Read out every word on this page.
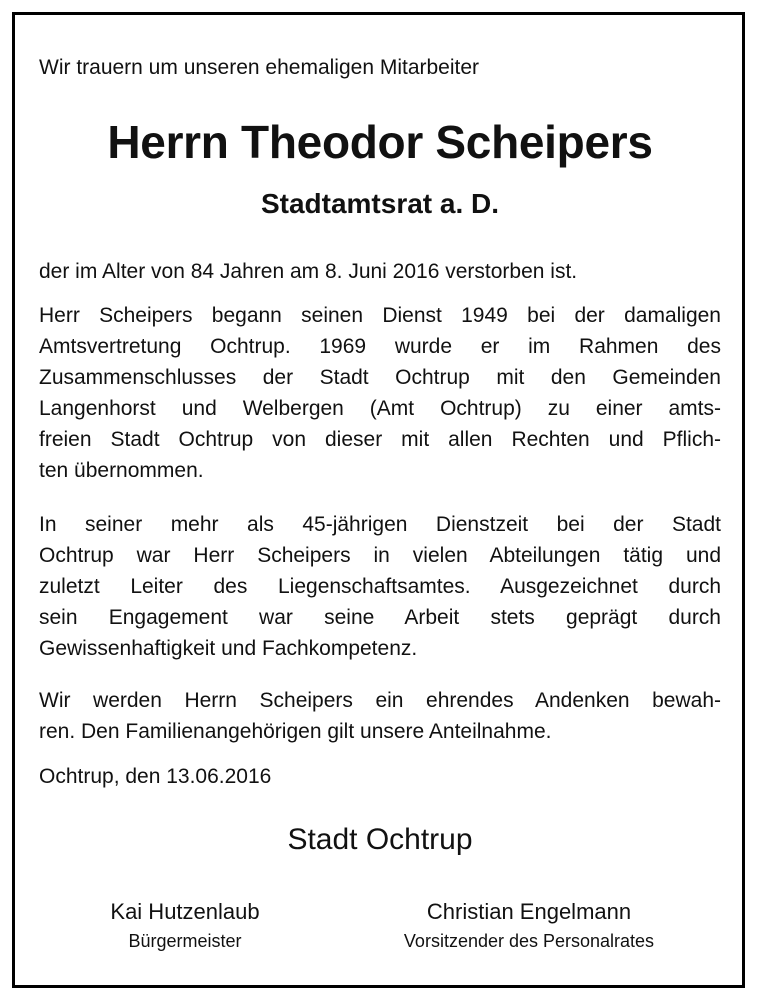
Wir trauern um unseren ehemaligen Mitarbeiter
Herrn Theodor Scheipers
Stadtamtsrat a. D.
der im Alter von 84 Jahren am 8. Juni 2016 verstorben ist.
Herr Scheipers begann seinen Dienst 1949 bei der damaligen
Amtsvertretung Ochtrup. 1969 wurde er im Rahmen des
Zusammenschlusses der Stadt Ochtrup mit den Gemeinden
Langenhorst und Welbergen (Amt Ochtrup) zu einer amts-
freien Stadt Ochtrup von dieser mit allen Rechten und Pflich-
ten übernommen.
In seiner mehr als 45-jährigen Dienstzeit bei der Stadt
Ochtrup war Herr Scheipers in vielen Abteilungen tätig und
zuletzt Leiter des Liegenschaftsamtes. Ausgezeichnet durch
sein Engagement war seine Arbeit stets geprägt durch
Gewissenhaftigkeit und Fachkompetenz.
Wir werden Herrn Scheipers ein ehrendes Andenken bewah-
ren. Den Familienangehörigen gilt unsere Anteilnahme.
Ochtrup, den 13.06.2016
Stadt Ochtrup
Kai Hutzenlaub
Bürgermeister
Christian Engelmann
Vorsitzender des Personalrates
